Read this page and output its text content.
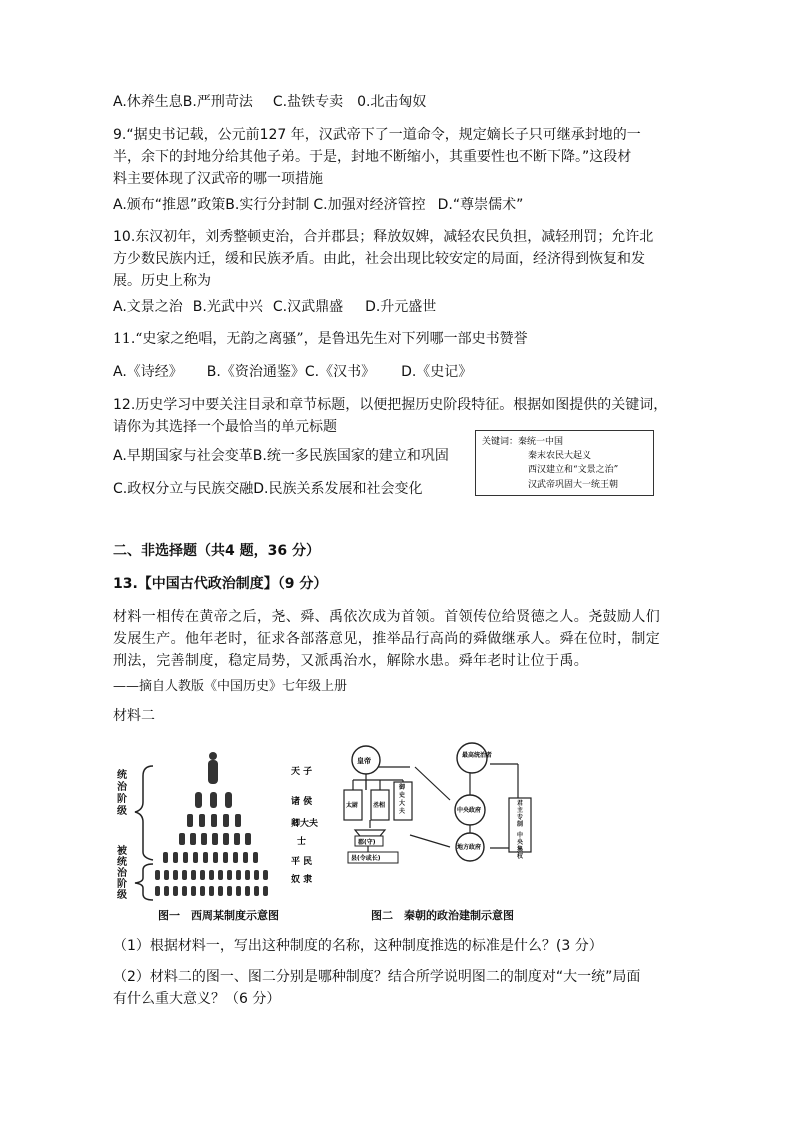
A.休养生息B.严刑苛法 C.盐铁专卖 0.北击匈奴
9.“据史书记载，公元前127 年，汉武帝下了一道命令，规定嫡长子只可继承封地的一
半，余下的封地分给其他子弟。于是，封地不断缩小，其重要性也不断下降。”这段材
料主要体现了汉武帝的哪一项措施
A.颁布“推恩”政策B.实行分封制 C.加强对经济管控 D.“尊崇儒术”
10.东汉初年，刘秀整顿吏治，合并郡县；释放奴婢，减轻农民负担，减轻刑罚；允许北
方少数民族内迁，缓和民族矛盾。由此，社会出现比较安定的局面，经济得到恢复和发
展。历史上称为
A.文景之治 B.光武中兴 C.汉武鼎盛 D.升元盛世
11.“史家之绝唱，无韵之离骚”，是鲁迅先生对下列哪一部史书赞誉
A.《诗经》 B.《资治通鉴》C.《汉书》 D.《史记》
12.历史学习中要关注目录和章节标题，以便把握历史阶段特征。根据如图提供的关键词，
请你为其选择一个最恰当的单元标题
A.早期国家与社会变革B.统一多民族国家的建立和巩固
C.政权分立与民族交融D.民族关系发展和社会变化
关键词：秦统一中国
秦末农民大起义
西汉建立和“文景之治”
汉武帝巩固大一统王朝
二、非选择题（共4 题，36 分）
13.【中国古代政治制度】（9 分）
材料一相传在黄帝之后，尧、舜、禹依次成为首领。首领传位给贤德之人。尧鼓励人们
发展生产。他年老时，征求各部落意见，推举品行高尚的舜做继承人。舜在位时，制定
刑法，完善制度，稳定局势，又派禹治水，解除水患。舜年老时让位于禹。
——摘自人教版《中国历史》七年级上册
材料二
统治阶级
被统治阶级
天 子
诸 侯
卿大夫
士
平 民
奴 隶
图一　西周某制度示意图
皇帝
最高统治者
中央政府
地方政府
太尉 丞相
御史大夫
郡(守)
县(令或长)
君主专制
中央集权
图二　秦朝的政治建制示意图
（1）根据材料一，写出这种制度的名称，这种制度推选的标准是什么？(3 分）
（2）材料二的图一、图二分别是哪种制度？结合所学说明图二的制度对“大一统”局面
有什么重大意义？（6 分）
